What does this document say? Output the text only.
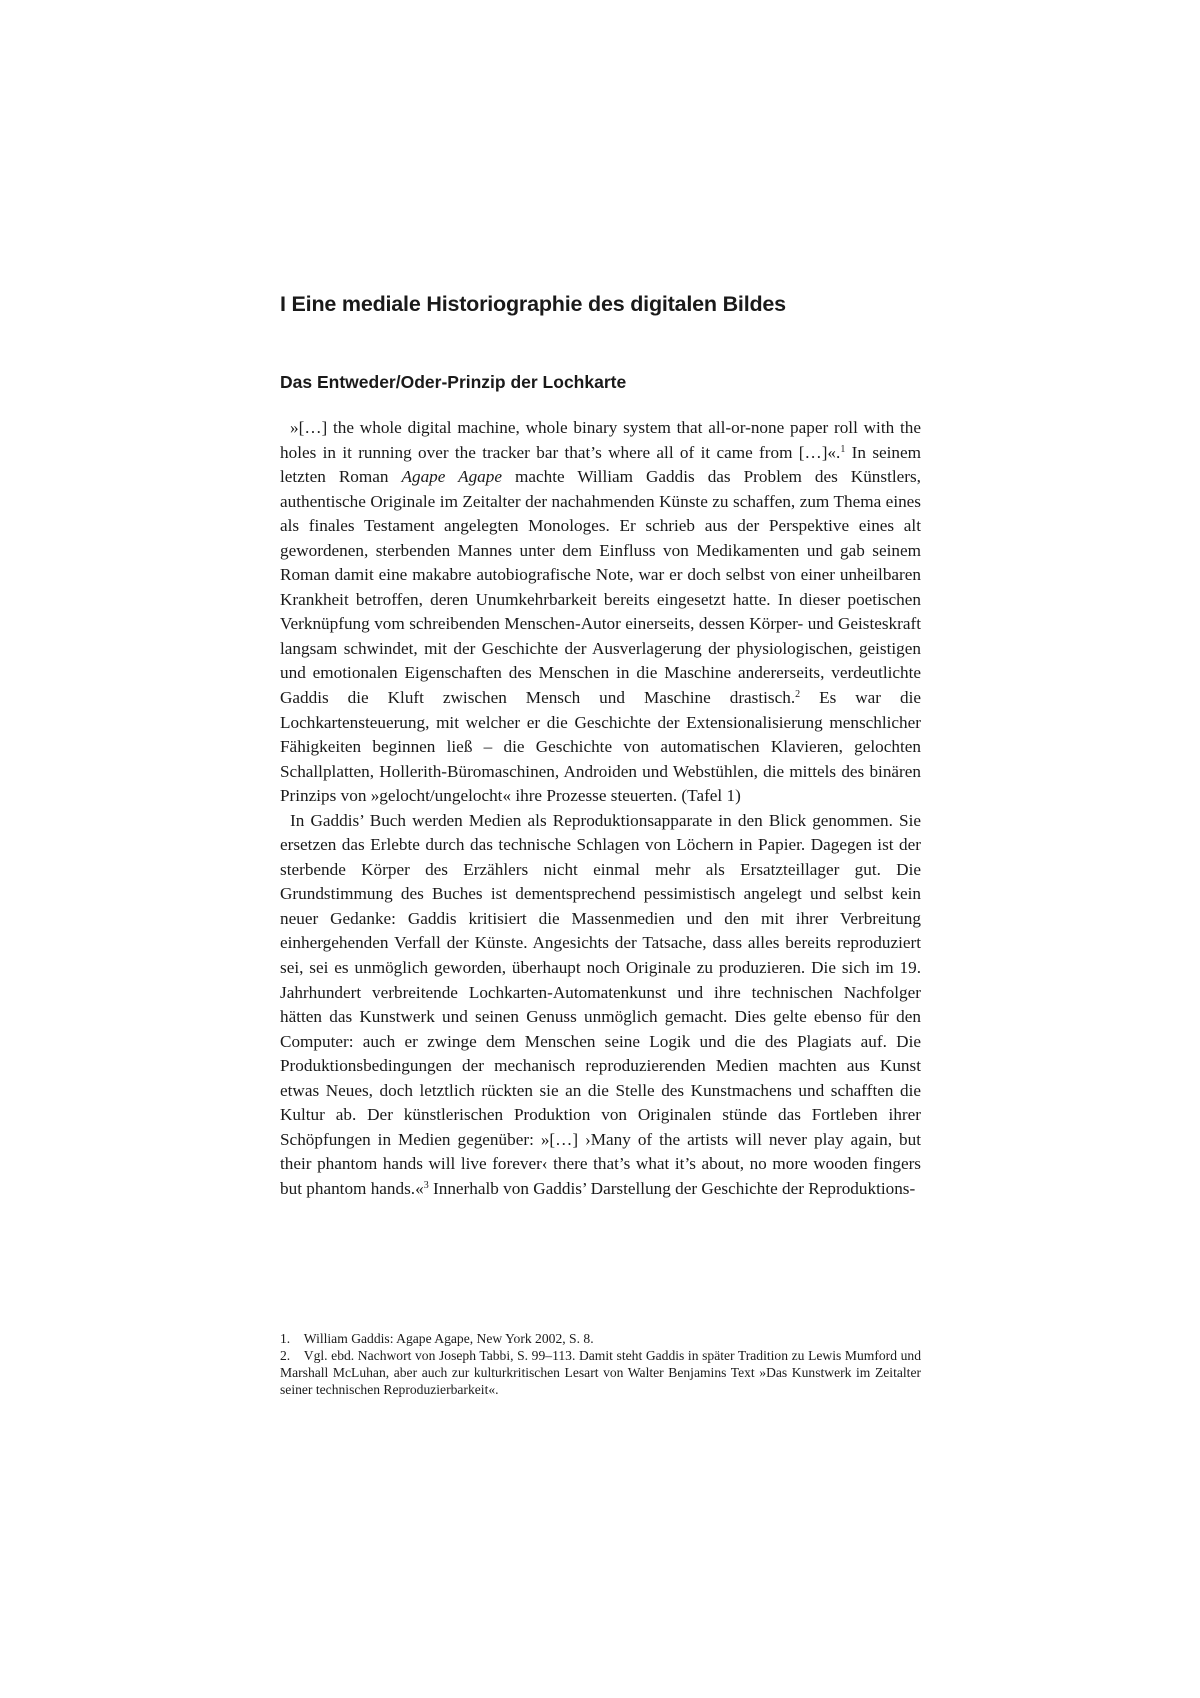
I Eine mediale Historiographie des digitalen Bildes
Das Entweder/Oder-Prinzip der Lochkarte

»[…] the whole digital machine, whole binary system that all-or-none paper roll with the holes in it running over the tracker bar that’s where all of it came from […]«.$^1$ In seinem letzten Roman Agape Agape machte William Gaddis das Problem des Künstlers, authentische Originale im Zeitalter der nachahmenden Künste zu schaffen, zum Thema eines als finales Testament angelegten Monologes. Er schrieb aus der Perspektive eines alt gewordenen, sterbenden Mannes unter dem Einfluss von Medikamenten und gab seinem Roman damit eine makabre autobiografische Note, war er doch selbst von einer unheilbaren Krankheit betroffen, deren Unumkehrbarkeit bereits eingesetzt hatte. In dieser poetischen Verknüpfung vom schreibenden Menschen-Autor einerseits, dessen Körper- und Geisteskraft langsam schwindet, mit der Geschichte der Ausverlagerung der physiologischen, geistigen und emotionalen Eigenschaften des Menschen in die Maschine andererseits, verdeutlichte Gaddis die Kluft zwischen Mensch und Maschine drastisch.$^2$ Es war die Lochkartensteuerung, mit welcher er die Geschichte der Extensionalisierung menschlicher Fähigkeiten beginnen ließ – die Geschichte von automatischen Klavieren, gelochten Schallplatten, Hollerith-Büromaschinen, Androiden und Webstühlen, die mittels des binären Prinzips von »gelocht/ungelocht« ihre Prozesse steuerten. (Tafel 1)

In Gaddis’ Buch werden Medien als Reproduktionsapparate in den Blick genommen. Sie ersetzen das Erlebte durch das technische Schlagen von Löchern in Papier. Dagegen ist der sterbende Körper des Erzählers nicht einmal mehr als Ersatzteillager gut. Die Grundstimmung des Buches ist dementsprechend pessimistisch angelegt und selbst kein neuer Gedanke: Gaddis kritisiert die Massenmedien und den mit ihrer Verbreitung einhergehenden Verfall der Künste. Angesichts der Tatsache, dass alles bereits reproduziert sei, sei es unmöglich geworden, überhaupt noch Originale zu produzieren. Die sich im 19. Jahrhundert verbreitende Lochkarten-Automatenkunst und ihre technischen Nachfolger hätten das Kunstwerk und seinen Genuss unmöglich gemacht. Dies gelte ebenso für den Computer: auch er zwinge dem Menschen seine Logik und die des Plagiats auf. Die Produktionsbedingungen der mechanisch reproduzierenden Medien machten aus Kunst etwas Neues, doch letztlich rückten sie an die Stelle des Kunstmachens und schafften die Kultur ab. Der künstlerischen Produktion von Originalen stünde das Fortleben ihrer Schöpfungen in Medien gegenüber: »[…] ›Many of the artists will never play again, but their phantom hands will live forever‹ there that’s what it’s about, no more wooden fingers but phantom hands.«$^3$ Innerhalb von Gaddis’ Darstellung der Geschichte der Reproduktions-

1. William Gaddis: Agape Agape, New York 2002, S. 8.

2. Vgl. ebd. Nachwort von Joseph Tabbi, S. 99–113. Damit steht Gaddis in später Tradition zu Lewis Mumford und Marshall McLuhan, aber auch zur kulturkritischen Lesart von Walter Benjamins Text »Das Kunstwerk im Zeitalter seiner technischen Reproduzierbarkeit«.
